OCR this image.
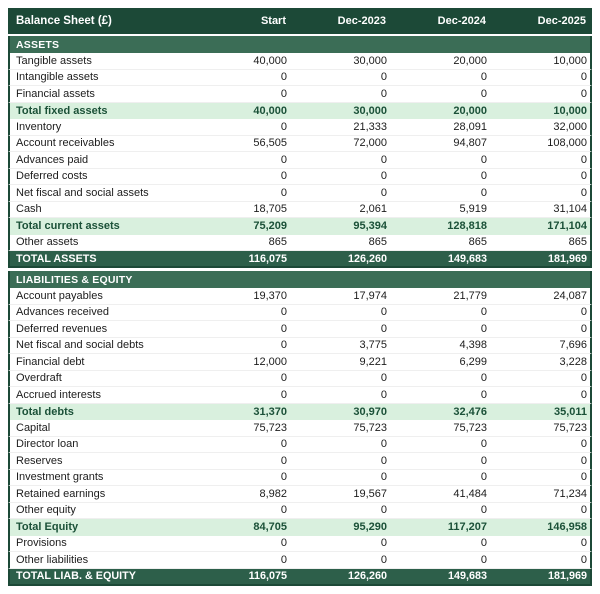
Balance Sheet (£)	Start	Dec-2023	Dec-2024	Dec-2025
ASSETS
Tangible assets	40,000	30,000	20,000	10,000
Intangible assets	0	0	0	0
Financial assets	0	0	0	0
Total fixed assets	40,000	30,000	20,000	10,000
Inventory	0	21,333	28,091	32,000
Account receivables	56,505	72,000	94,807	108,000
Advances paid	0	0	0	0
Deferred costs	0	0	0	0
Net fiscal and social assets	0	0	0	0
Cash	18,705	2,061	5,919	31,104
Total current assets	75,209	95,394	128,818	171,104
Other assets	865	865	865	865
TOTAL ASSETS	116,075	126,260	149,683	181,969
LIABILITIES & EQUITY
Account payables	19,370	17,974	21,779	24,087
Advances received	0	0	0	0
Deferred revenues	0	0	0	0
Net fiscal and social debts	0	3,775	4,398	7,696
Financial debt	12,000	9,221	6,299	3,228
Overdraft	0	0	0	0
Accrued interests	0	0	0	0
Total debts	31,370	30,970	32,476	35,011
Capital	75,723	75,723	75,723	75,723
Director loan	0	0	0	0
Reserves	0	0	0	0
Investment grants	0	0	0	0
Retained earnings	8,982	19,567	41,484	71,234
Other equity	0	0	0	0
Total Equity	84,705	95,290	117,207	146,958
Provisions	0	0	0	0
Other liabilities	0	0	0	0
TOTAL LIAB. & EQUITY	116,075	126,260	149,683	181,969
